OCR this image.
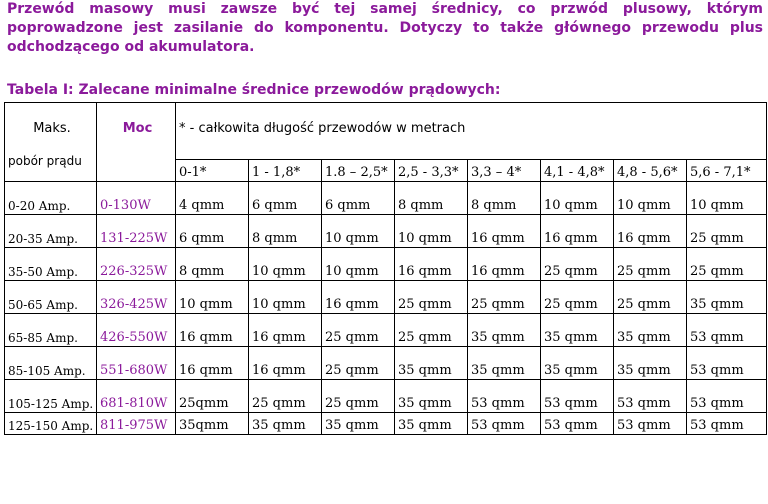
Przewód masowy musi zawsze być tej samej średnicy, co przwód plusowy, którym
poprowadzone jest zasilanie do komponentu. Dotyczy to także głównego przewodu plus
odchodzącego od akumulatora.
Tabela I: Zalecane minimalne średnice przewodów prądowych:
Maks.
pobór prądu	Moc	* - całkowita długość przewodów w metrach							
		0-1*	1 - 1,8*	1.8 – 2,5*	2,5 - 3,3*	3,3 – 4*	4,1 - 4,8*	4,8 - 5,6*	5,6 - 7,1*
0-20 Amp.	0-130W	4 qmm	6 qmm	6 qmm	8 qmm	8 qmm	10 qmm	10 qmm	10 qmm
20-35 Amp.	131-225W	6 qmm	8 qmm	10 qmm	10 qmm	16 qmm	16 qmm	16 qmm	25 qmm
35-50 Amp.	226-325W	8 qmm	10 qmm	10 qmm	16 qmm	16 qmm	25 qmm	25 qmm	25 qmm
50-65 Amp.	326-425W	10 qmm	10 qmm	16 qmm	25 qmm	25 qmm	25 qmm	25 qmm	35 qmm
65-85 Amp.	426-550W	16 qmm	16 qmm	25 qmm	25 qmm	35 qmm	35 qmm	35 qmm	53 qmm
85-105 Amp.	551-680W	16 qmm	16 qmm	25 qmm	35 qmm	35 qmm	35 qmm	35 qmm	53 qmm
105-125 Amp.	681-810W	25qmm	25 qmm	25 qmm	35 qmm	53 qmm	53 qmm	53 qmm	53 qmm
125-150 Amp.	811-975W	35qmm	35 qmm	35 qmm	35 qmm	53 qmm	53 qmm	53 qmm	53 qmm
